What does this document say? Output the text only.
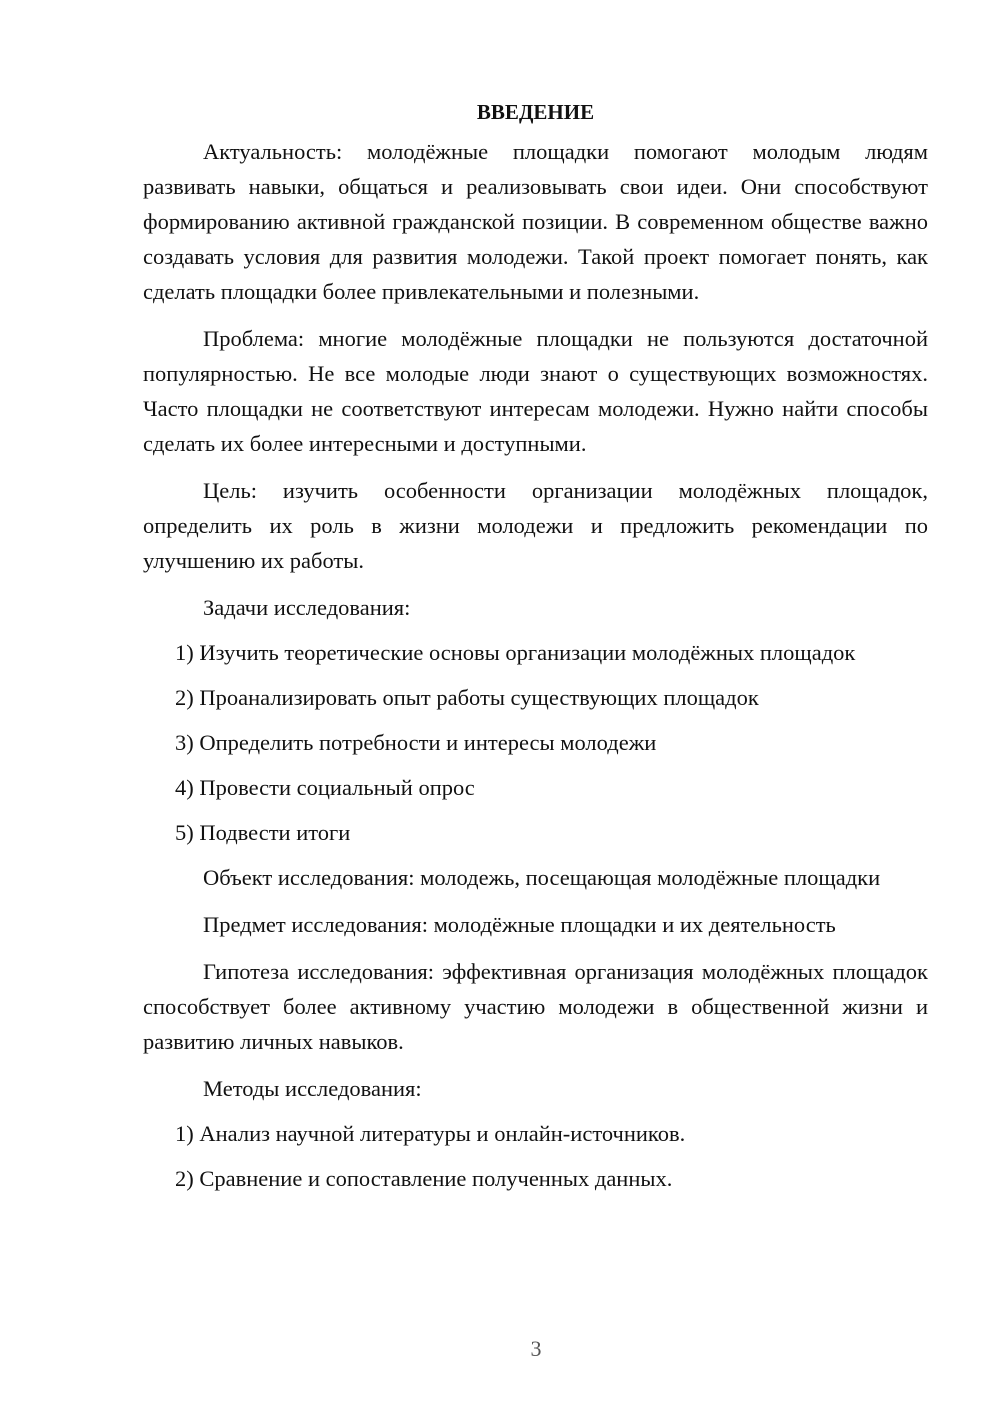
ВВЕДЕНИЕ

Актуальность: молодёжные площадки помогают молодым людям развивать навыки, общаться и реализовывать свои идеи. Они способствуют формированию активной гражданской позиции. В современном обществе важно создавать условия для развития молодежи. Такой проект помогает понять, как сделать площадки более привлекательными и полезными.

Проблема: многие молодёжные площадки не пользуются достаточной популярностью. Не все молодые люди знают о существующих возможностях. Часто площадки не соответствуют интересам молодежи. Нужно найти способы сделать их более интересными и доступными.

Цель: изучить особенности организации молодёжных площадок, определить их роль в жизни молодежи и предложить рекомендации по улучшению их работы.

Задачи исследования:

1) Изучить теоретические основы организации молодёжных площадок
2) Проанализировать опыт работы существующих площадок
3) Определить потребности и интересы молодежи
4) Провести социальный опрос
5) Подвести итоги

Объект исследования: молодежь, посещающая молодёжные площадки

Предмет исследования: молодёжные площадки и их деятельность

Гипотеза исследования: эффективная организация молодёжных площадок способствует более активному участию молодежи в общественной жизни и развитию личных навыков.

Методы исследования:

1) Анализ научной литературы и онлайн-источников.
2) Сравнение и сопоставление полученных данных.
3
